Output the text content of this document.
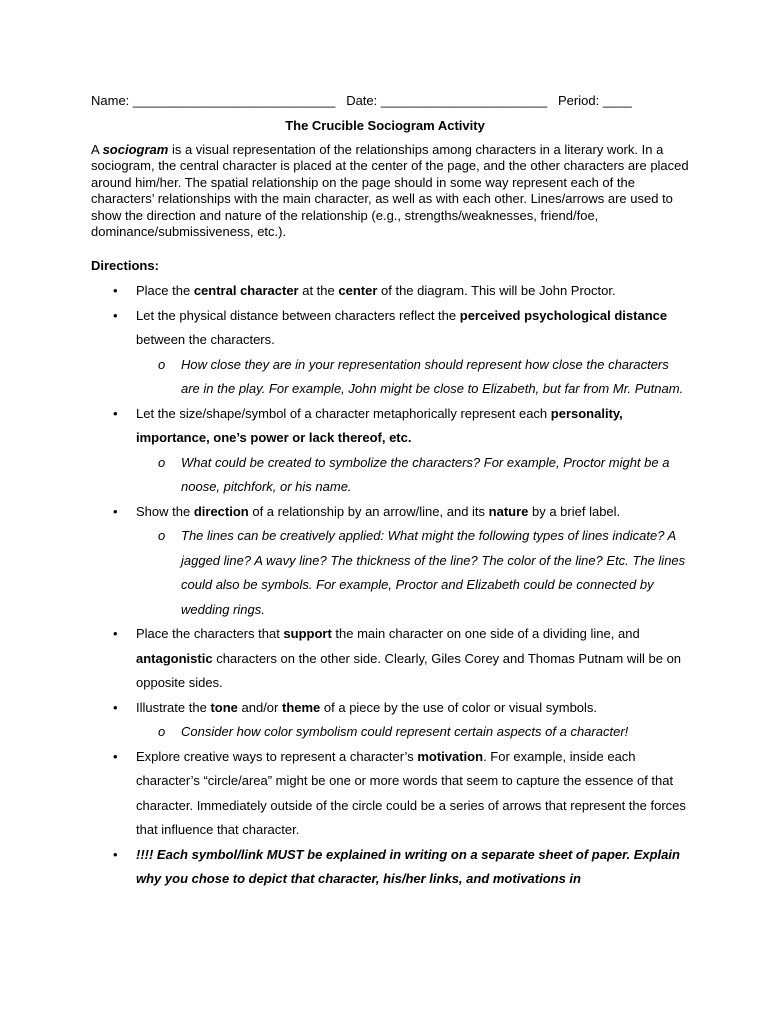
Name: ____________________________ Date: _______________________ Period: ____
The Crucible Sociogram Activity
A sociogram is a visual representation of the relationships among characters in a literary work. In a sociogram, the central character is placed at the center of the page, and the other characters are placed around him/her. The spatial relationship on the page should in some way represent each of the characters’ relationships with the main character, as well as with each other. Lines/arrows are used to show the direction and nature of the relationship (e.g., strengths/weaknesses, friend/foe, dominance/submissiveness, etc.).
Directions:
• Place the central character at the center of the diagram. This will be John Proctor.
• Let the physical distance between characters reflect the perceived psychological distance between the characters.
o How close they are in your representation should represent how close the characters are in the play. For example, John might be close to Elizabeth, but far from Mr. Putnam.
• Let the size/shape/symbol of a character metaphorically represent each personality, importance, one’s power or lack thereof, etc.
o What could be created to symbolize the characters? For example, Proctor might be a noose, pitchfork, or his name.
• Show the direction of a relationship by an arrow/line, and its nature by a brief label.
o The lines can be creatively applied: What might the following types of lines indicate? A jagged line? A wavy line? The thickness of the line? The color of the line? Etc. The lines could also be symbols. For example, Proctor and Elizabeth could be connected by wedding rings.
• Place the characters that support the main character on one side of a dividing line, and antagonistic characters on the other side. Clearly, Giles Corey and Thomas Putnam will be on opposite sides.
• Illustrate the tone and/or theme of a piece by the use of color or visual symbols.
o Consider how color symbolism could represent certain aspects of a character!
• Explore creative ways to represent a character’s motivation. For example, inside each character’s “circle/area” might be one or more words that seem to capture the essence of that character. Immediately outside of the circle could be a series of arrows that represent the forces that influence that character.
• !!!! Each symbol/link MUST be explained in writing on a separate sheet of paper. Explain why you chose to depict that character, his/her links, and motivations in
